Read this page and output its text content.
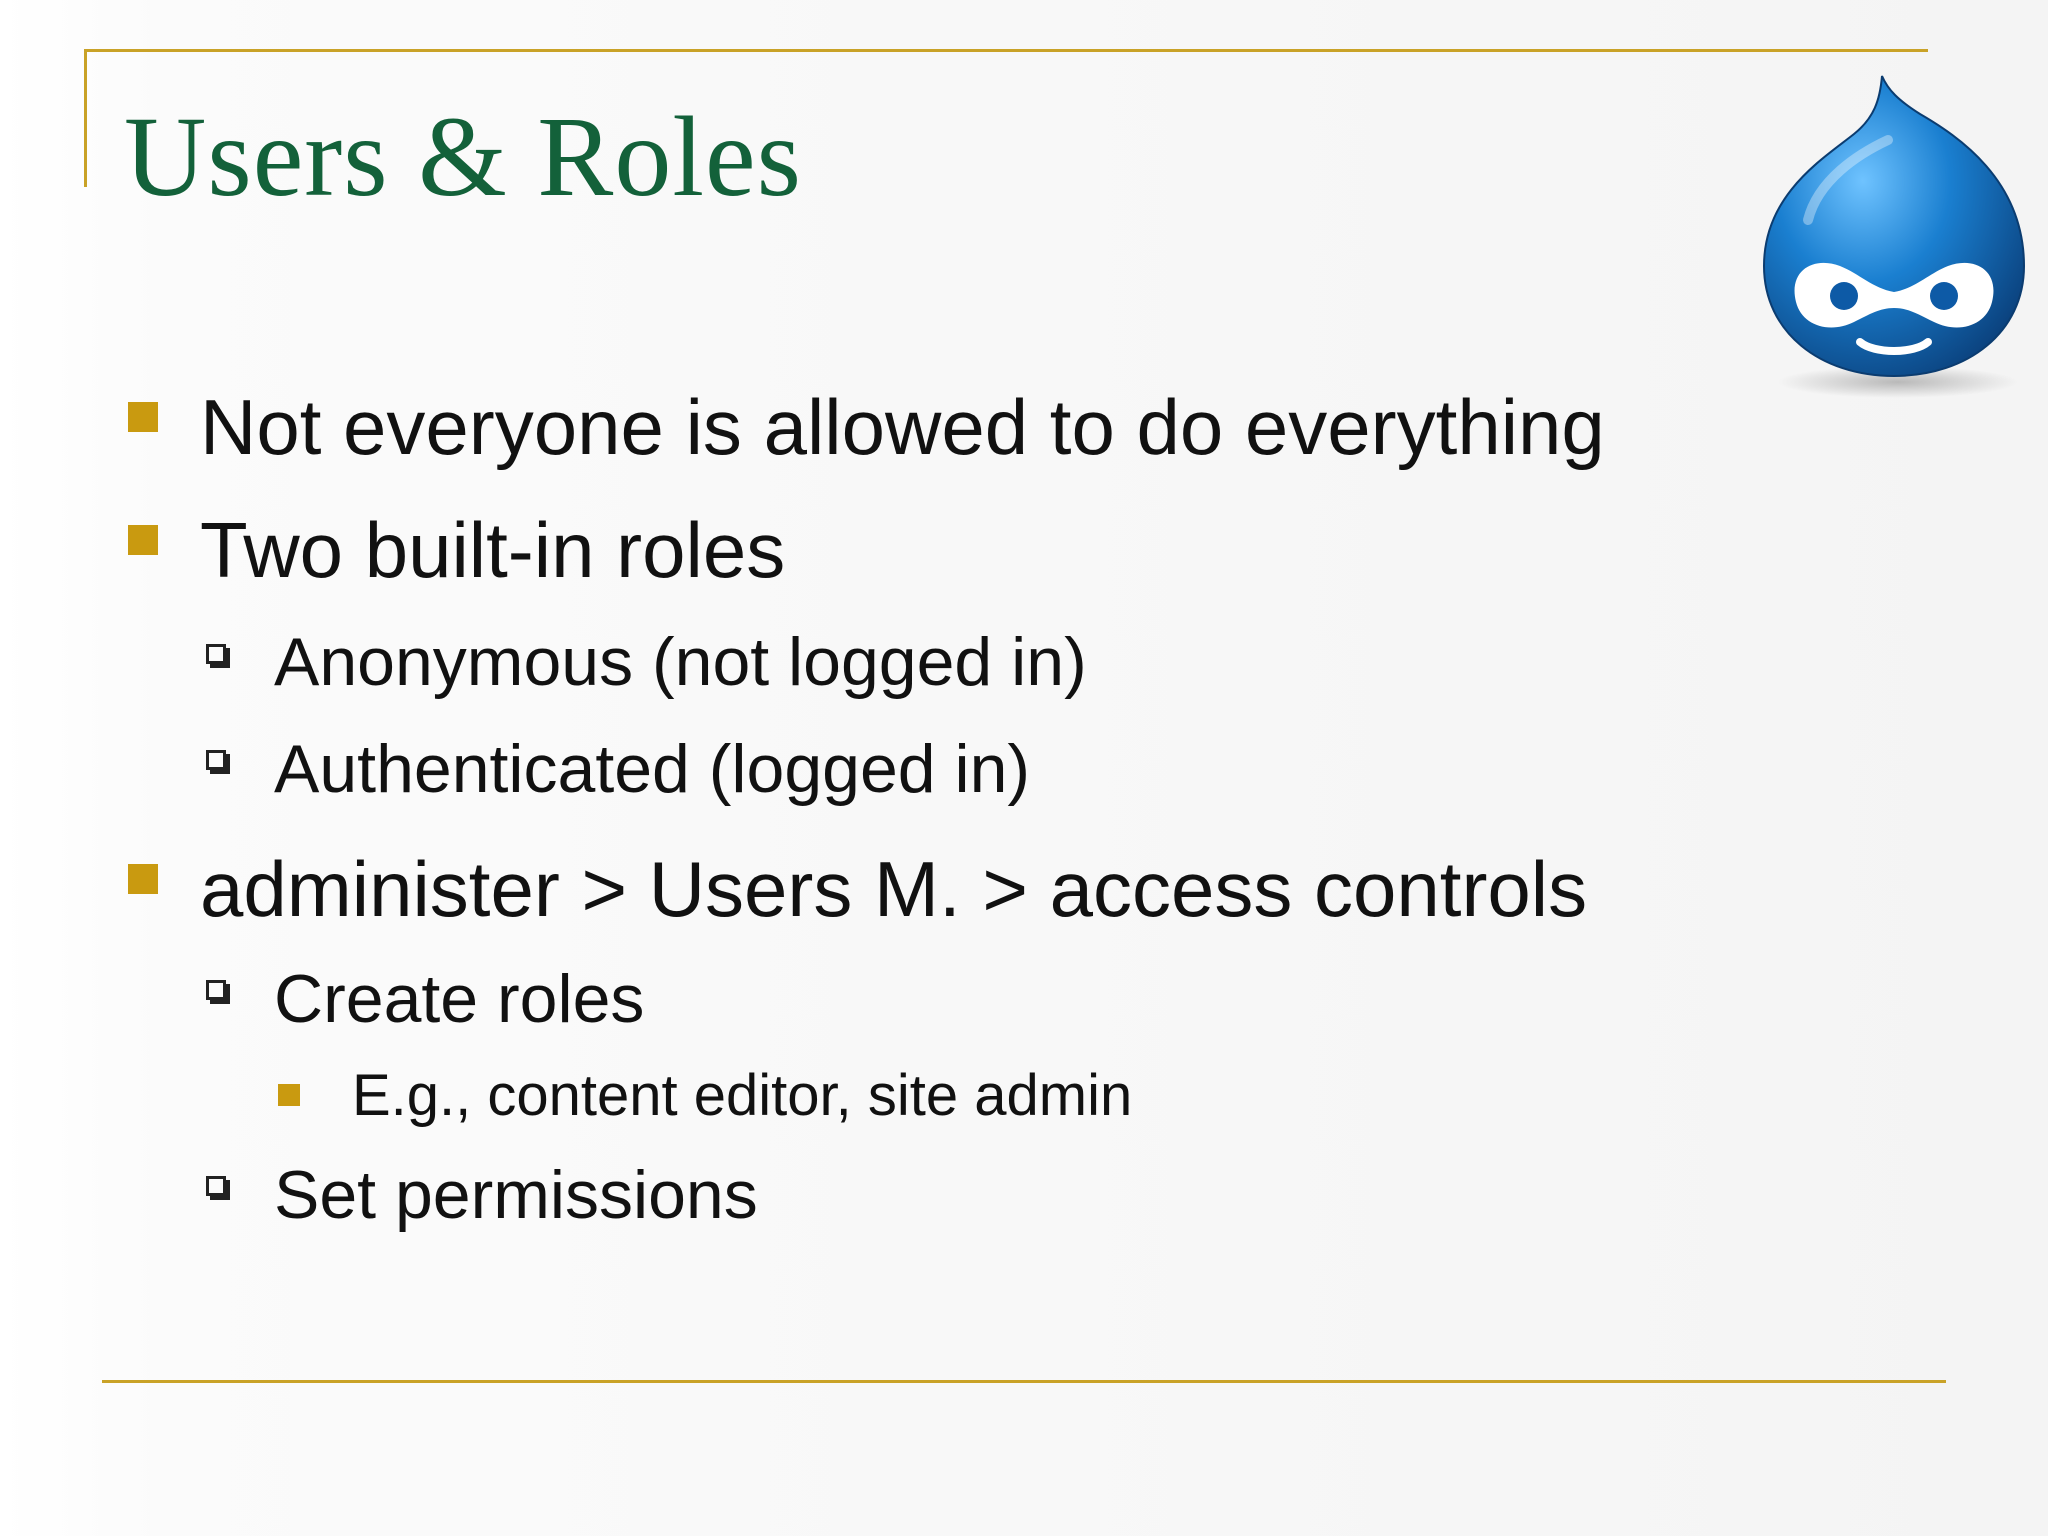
Users & Roles
Not everyone is allowed to do everything
Two built-in roles
Anonymous (not logged in)
Authenticated (logged in)
administer > Users M. > access controls
Create roles
E.g., content editor, site admin
Set permissions
